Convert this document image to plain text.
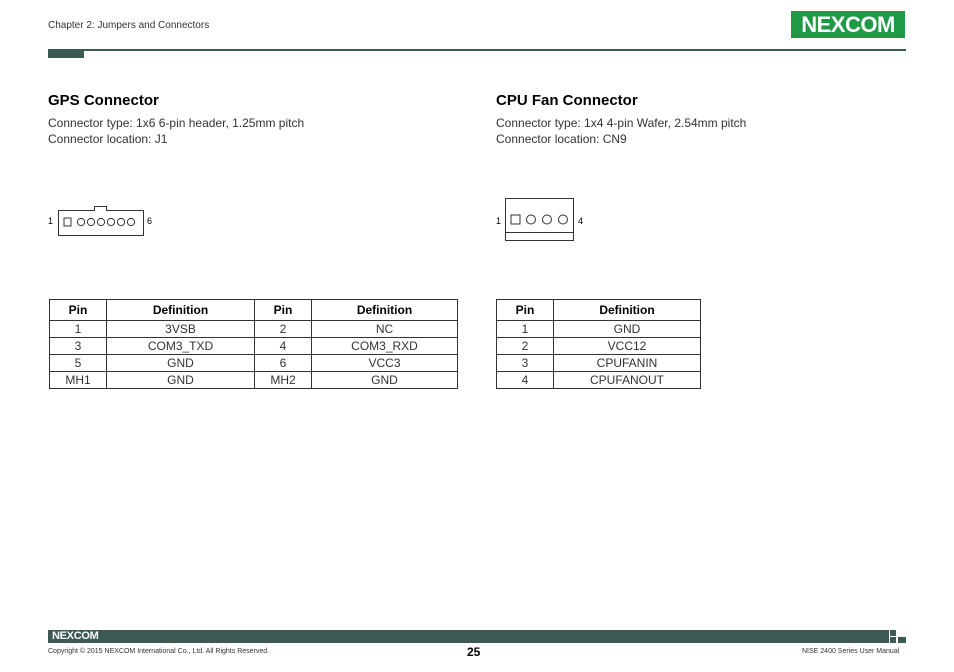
Chapter 2: Jumpers and Connectors	NEXCOM
GPS Connector
Connector type: 1x6 6-pin header, 1.25mm pitch
Connector location: J1
1	6
Pin	Definition	Pin	Definition
1	3VSB	2	NC
3	COM3_TXD	4	COM3_RXD
5	GND	6	VCC3
MH1	GND	MH2	GND
CPU Fan Connector
Connector type: 1x4 4-pin Wafer, 2.54mm pitch
Connector location: CN9
1	4
Pin	Definition
1	GND
2	VCC12
3	CPUFANIN
4	CPUFANOUT
NEXCOM
Copyright © 2015 NEXCOM International Co., Ltd. All Rights Reserved.	25	NISE 2400 Series User Manual
